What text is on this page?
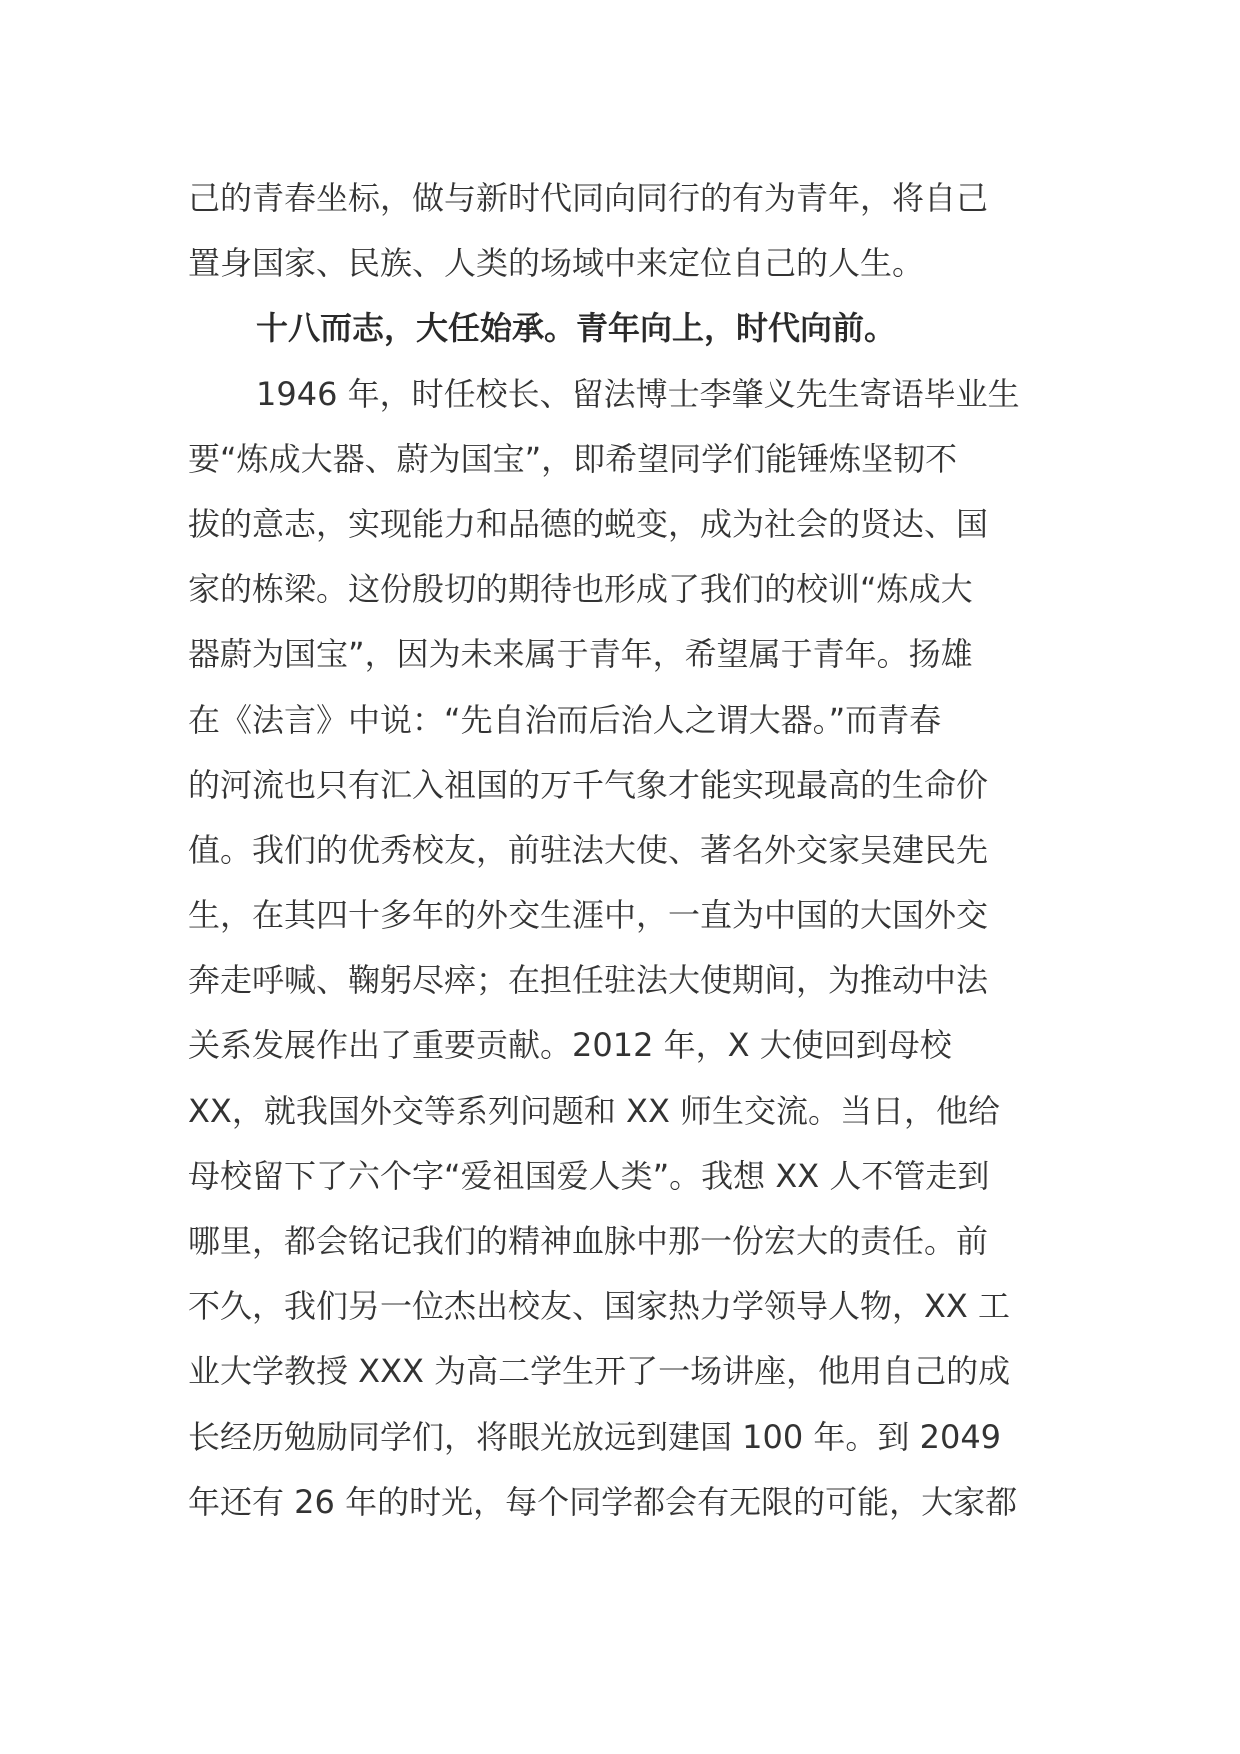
己的青春坐标，做与新时代同向同行的有为青年，将自己
置身国家、民族、人类的场域中来定位自己的人生。
十八而志，大任始承。青年向上，时代向前。
1946 年，时任校长、留法博士李肇义先生寄语毕业生
要“炼成大器、蔚为国宝”，即希望同学们能锤炼坚韧不
拔的意志，实现能力和品德的蜕变，成为社会的贤达、国
家的栋梁。这份殷切的期待也形成了我们的校训“炼成大
器蔚为国宝”，因为未来属于青年，希望属于青年。扬雄
在《法言》中说：“先自治而后治人之谓大器。”而青春
的河流也只有汇入祖国的万千气象才能实现最高的生命价
值。我们的优秀校友，前驻法大使、著名外交家吴建民先
生，在其四十多年的外交生涯中，一直为中国的大国外交
奔走呼喊、鞠躬尽瘁；在担任驻法大使期间，为推动中法
关系发展作出了重要贡献。2012 年，X 大使回到母校
XX，就我国外交等系列问题和 XX 师生交流。当日，他给
母校留下了六个字“爱祖国爱人类”。我想 XX 人不管走到
哪里，都会铭记我们的精神血脉中那一份宏大的责任。前
不久，我们另一位杰出校友、国家热力学领导人物，XX 工
业大学教授 XXX 为高二学生开了一场讲座，他用自己的成
长经历勉励同学们，将眼光放远到建国 100 年。到 2049
年还有 26 年的时光，每个同学都会有无限的可能，大家都
